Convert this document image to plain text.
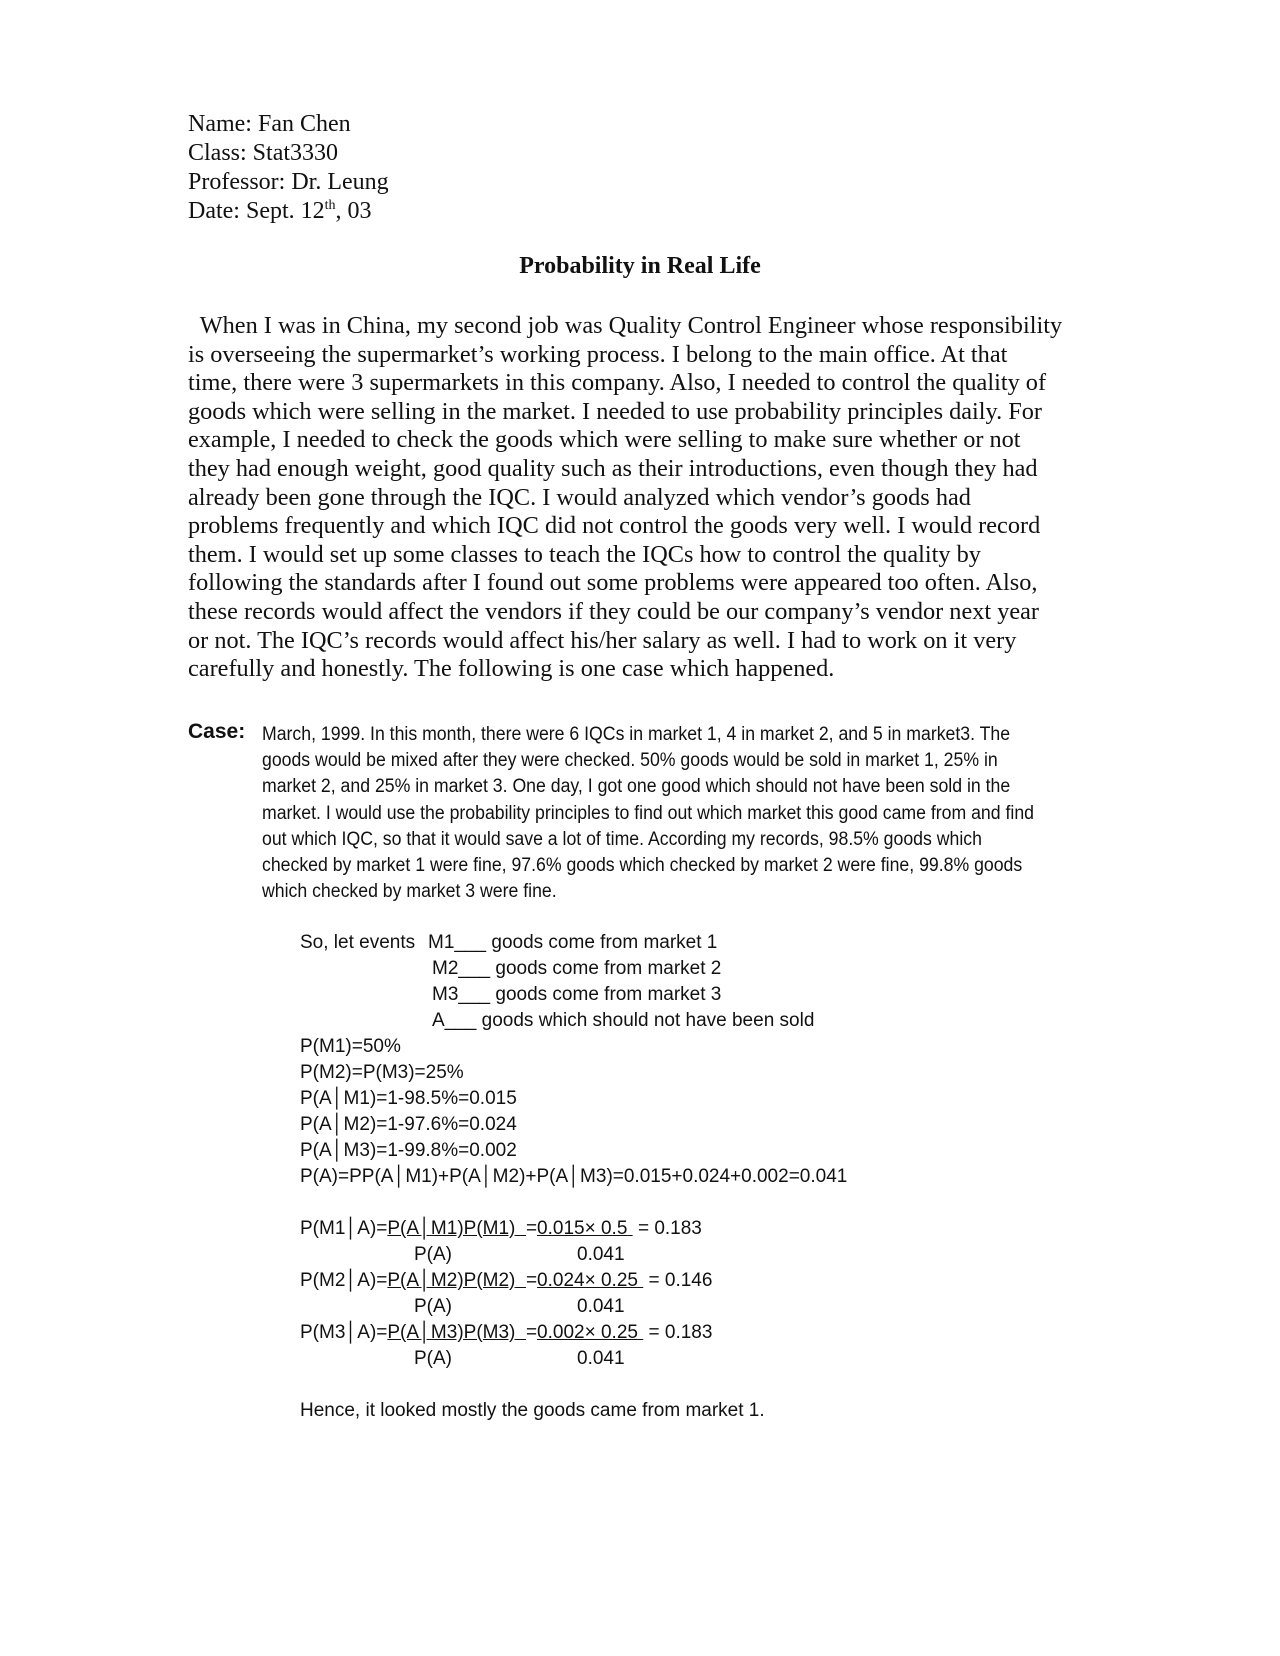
Name: Fan Chen
Class: Stat3330
Professor: Dr. Leung
Date: Sept. 12th, 03
Probability in Real Life
When I was in China, my second job was Quality Control Engineer whose responsibility
is overseeing the supermarket’s working process. I belong to the main office. At that
time, there were 3 supermarkets in this company. Also, I needed to control the quality of
goods which were selling in the market. I needed to use probability principles daily. For
example, I needed to check the goods which were selling to make sure whether or not
they had enough weight, good quality such as their introductions, even though they had
already been gone through the IQC. I would analyzed which vendor’s goods had
problems frequently and which IQC did not control the goods very well. I would record
them. I would set up some classes to teach the IQCs how to control the quality by
following the standards after I found out some problems were appeared too often. Also,
these records would affect the vendors if they could be our company’s vendor next year
or not. The IQC’s records would affect his/her salary as well. I had to work on it very
carefully and honestly. The following is one case which happened.
Case: March, 1999. In this month, there were 6 IQCs in market 1, 4 in market 2, and 5 in market3. The
goods would be mixed after they were checked. 50% goods would be sold in market 1, 25% in
market 2, and 25% in market 3. One day, I got one good which should not have been sold in the
market. I would use the probability principles to find out which market this good came from and find
out which IQC, so that it would save a lot of time. According my records, 98.5% goods which
checked by market 1 were fine, 97.6% goods which checked by market 2 were fine, 99.8% goods
which checked by market 3 were fine.
So, let events M1___ goods come from market 1
M2___ goods come from market 2
M3___ goods come from market 3
A___ goods which should not have been sold
P(M1)=50%
P(M2)=P(M3)=25%
P(A│M1)=1-98.5%=0.015
P(A│M2)=1-97.6%=0.024
P(A│M3)=1-99.8%=0.002
P(A)=PP(A│M1)+P(A│M2)+P(A│M3)=0.015+0.024+0.002=0.041
P(M1│A)=P(A│M1)P(M1) =0.015× 0.5 = 0.183
P(A)	0.041
P(M2│A)=P(A│M2)P(M2) =0.024× 0.25 = 0.146
P(A)	0.041
P(M3│A)=P(A│M3)P(M3) =0.002× 0.25 = 0.183
P(A)	0.041
Hence, it looked mostly the goods came from market 1.
